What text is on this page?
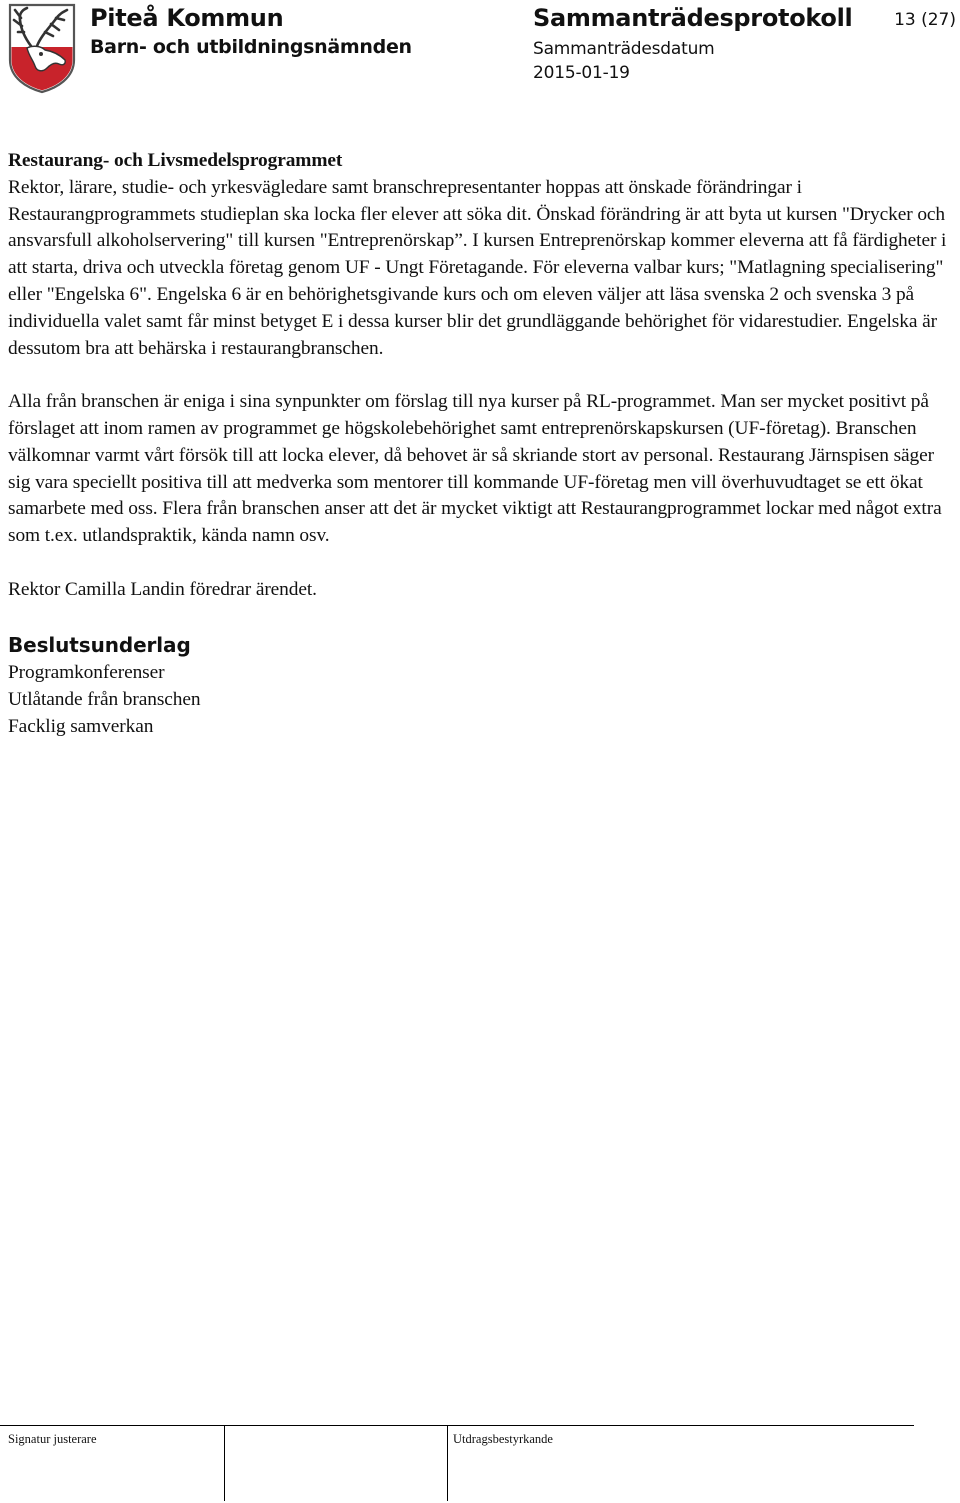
Piteå Kommun
Barn- och utbildningsnämnden
Sammanträdesprotokoll
Sammanträdesdatum
2015-01-19
13 (27)

Restaurang- och Livsmedelsprogrammet

Rektor, lärare, studie- och yrkesvägledare samt branschrepresentanter hoppas att önskade förändringar i Restaurangprogrammets studieplan ska locka fler elever att söka dit. Önskad förändring är att byta ut kursen "Drycker och ansvarsfull alkoholservering" till kursen "Entreprenörskap”. I kursen Entreprenörskap kommer eleverna att få färdigheter i att starta, driva och utveckla företag genom UF - Ungt Företagande. För eleverna valbar kurs; "Matlagning specialisering" eller "Engelska 6". Engelska 6 är en behörighetsgivande kurs och om eleven väljer att läsa svenska 2 och svenska 3 på individuella valet samt får minst betyget E i dessa kurser blir det grundläggande behörighet för vidarestudier. Engelska är dessutom bra att behärska i restaurangbranschen.

Alla från branschen är eniga i sina synpunkter om förslag till nya kurser på RL-programmet. Man ser mycket positivt på förslaget att inom ramen av programmet ge högskolebehörighet samt entreprenörskapskursen (UF-företag). Branschen välkomnar varmt vårt försök till att locka elever, då behovet är så skriande stort av personal. Restaurang Järnspisen säger sig vara speciellt positiva till att medverka som mentorer till kommande UF-företag men vill överhuvudtaget se ett ökat samarbete med oss. Flera från branschen anser att det är mycket viktigt att Restaurangprogrammet lockar med något extra som t.ex. utlandspraktik, kända namn osv.

Rektor Camilla Landin föredrar ärendet.

Beslutsunderlag

Programkonferenser

Utlåtande från branschen

Facklig samverkan

Signatur justerare	Utdragsbestyrkande
